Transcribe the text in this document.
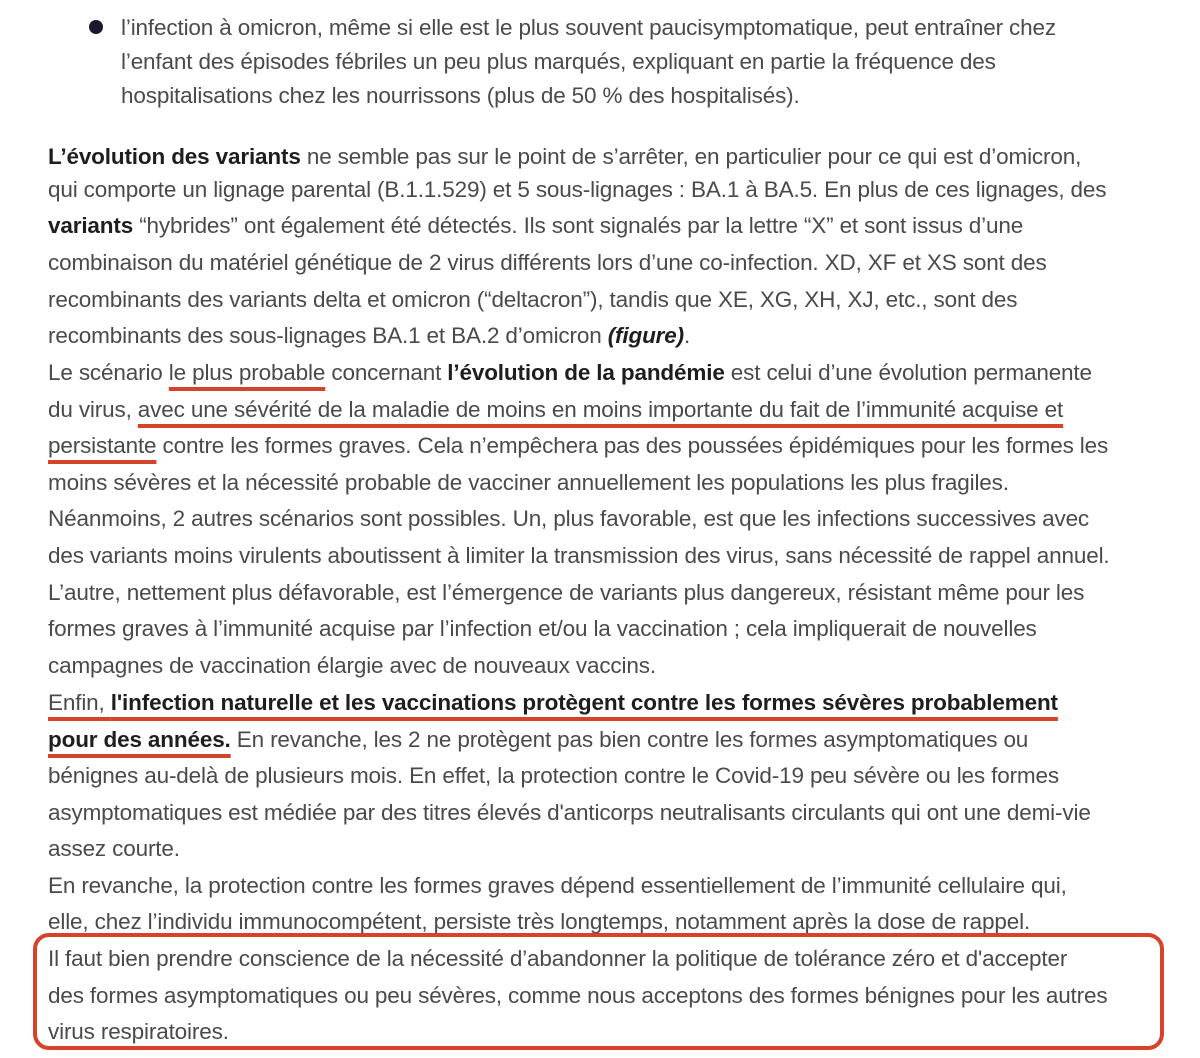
l’infection à omicron, même si elle est le plus souvent paucisymptomatique, peut entraîner chez
l’enfant des épisodes fébriles un peu plus marqués, expliquant en partie la fréquence des
hospitalisations chez les nourrissons (plus de 50 % des hospitalisés).
L’évolution des variants ne semble pas sur le point de s’arrêter, en particulier pour ce qui est d’omicron,
qui comporte un lignage parental (B.1.1.529) et 5 sous-lignages : BA.1 à BA.5. En plus de ces lignages, des
variants “hybrides” ont également été détectés. Ils sont signalés par la lettre “X” et sont issus d’une
combinaison du matériel génétique de 2 virus différents lors d’une co-infection. XD, XF et XS sont des
recombinants des variants delta et omicron (“deltacron”), tandis que XE, XG, XH, XJ, etc., sont des
recombinants des sous-lignages BA.1 et BA.2 d’omicron (figure).
Le scénario le plus probable concernant l’évolution de la pandémie est celui d’une évolution permanente
du virus, avec une sévérité de la maladie de moins en moins importante du fait de l’immunité acquise et
persistante contre les formes graves. Cela n’empêchera pas des poussées épidémiques pour les formes les
moins sévères et la nécessité probable de vacciner annuellement les populations les plus fragiles.
Néanmoins, 2 autres scénarios sont possibles. Un, plus favorable, est que les infections successives avec
des variants moins virulents aboutissent à limiter la transmission des virus, sans nécessité de rappel annuel.
L’autre, nettement plus défavorable, est l’émergence de variants plus dangereux, résistant même pour les
formes graves à l’immunité acquise par l’infection et/ou la vaccination ; cela impliquerait de nouvelles
campagnes de vaccination élargie avec de nouveaux vaccins.
Enfin, l'infection naturelle et les vaccinations protègent contre les formes sévères probablement
pour des années. En revanche, les 2 ne protègent pas bien contre les formes asymptomatiques ou
bénignes au-delà de plusieurs mois. En effet, la protection contre le Covid-19 peu sévère ou les formes
asymptomatiques est médiée par des titres élevés d'anticorps neutralisants circulants qui ont une demi-vie
assez courte.
En revanche, la protection contre les formes graves dépend essentiellement de l’immunité cellulaire qui,
elle, chez l’individu immunocompétent, persiste très longtemps, notamment après la dose de rappel.
Il faut bien prendre conscience de la nécessité d’abandonner la politique de tolérance zéro et d'accepter
des formes asymptomatiques ou peu sévères, comme nous acceptons des formes bénignes pour les autres
virus respiratoires.
